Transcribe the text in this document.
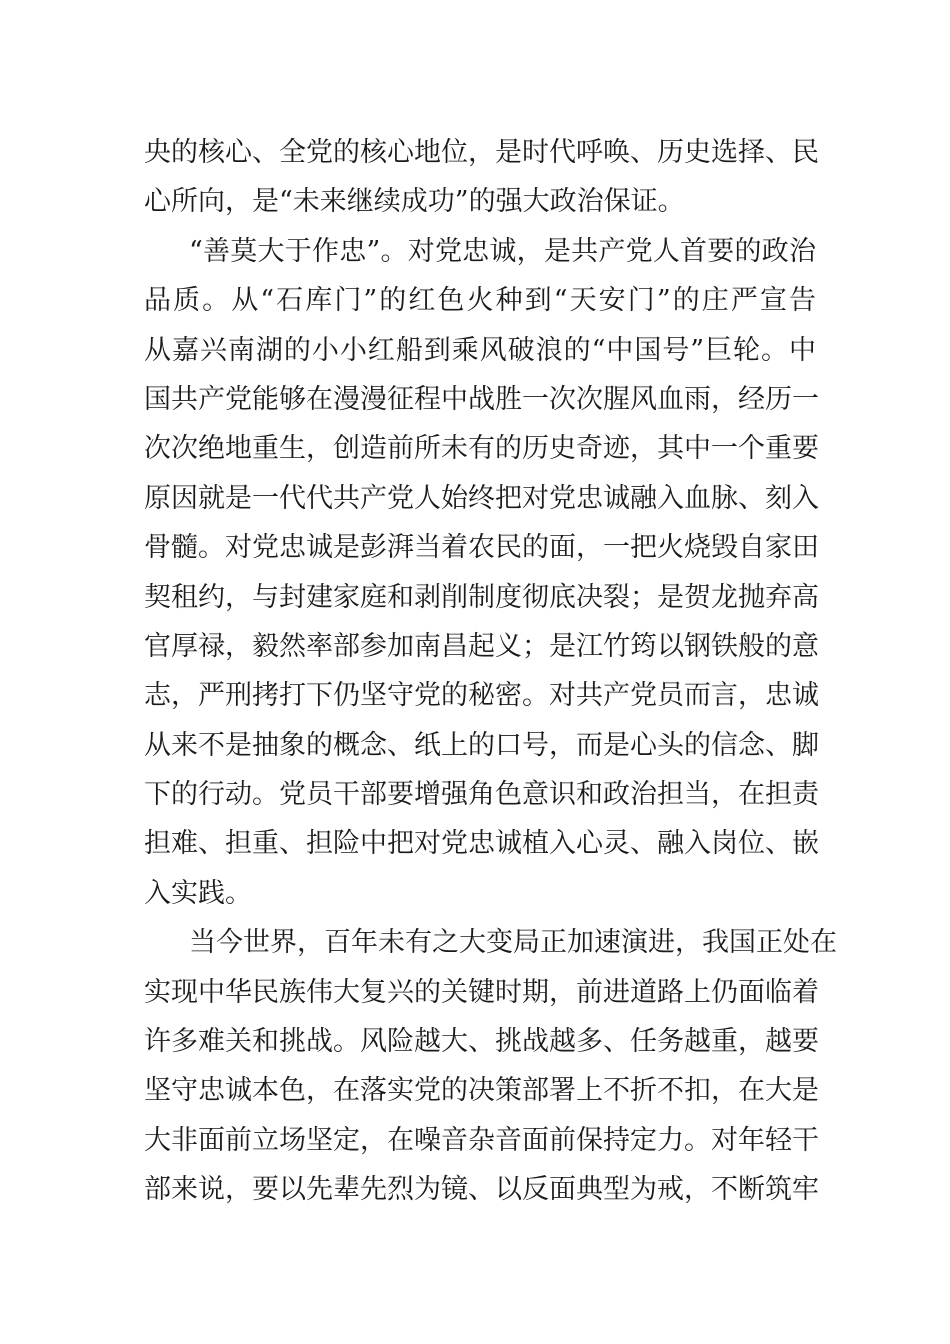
央的核心、全党的核心地位，是时代呼唤、历史选择、民
心所向，是“未来继续成功”的强大政治保证。
“善莫大于作忠”。对党忠诚，是共产党人首要的政治
品质。从“石库门”的红色火种到“天安门”的庄严宣告
从嘉兴南湖的小小红船到乘风破浪的“中国号”巨轮。中
国共产党能够在漫漫征程中战胜一次次腥风血雨，经历一
次次绝地重生，创造前所未有的历史奇迹，其中一个重要
原因就是一代代共产党人始终把对党忠诚融入血脉、刻入
骨髓。对党忠诚是彭湃当着农民的面，一把火烧毁自家田
契租约，与封建家庭和剥削制度彻底决裂；是贺龙抛弃高
官厚禄，毅然率部参加南昌起义；是江竹筠以钢铁般的意
志，严刑拷打下仍坚守党的秘密。对共产党员而言，忠诚
从来不是抽象的概念、纸上的口号，而是心头的信念、脚
下的行动。党员干部要增强角色意识和政治担当，在担责
担难、担重、担险中把对党忠诚植入心灵、融入岗位、嵌
入实践。
当今世界，百年未有之大变局正加速演进，我国正处在
实现中华民族伟大复兴的关键时期，前进道路上仍面临着
许多难关和挑战。风险越大、挑战越多、任务越重，越要
坚守忠诚本色，在落实党的决策部署上不折不扣，在大是
大非面前立场坚定，在噪音杂音面前保持定力。对年轻干
部来说，要以先辈先烈为镜、以反面典型为戒，不断筑牢
